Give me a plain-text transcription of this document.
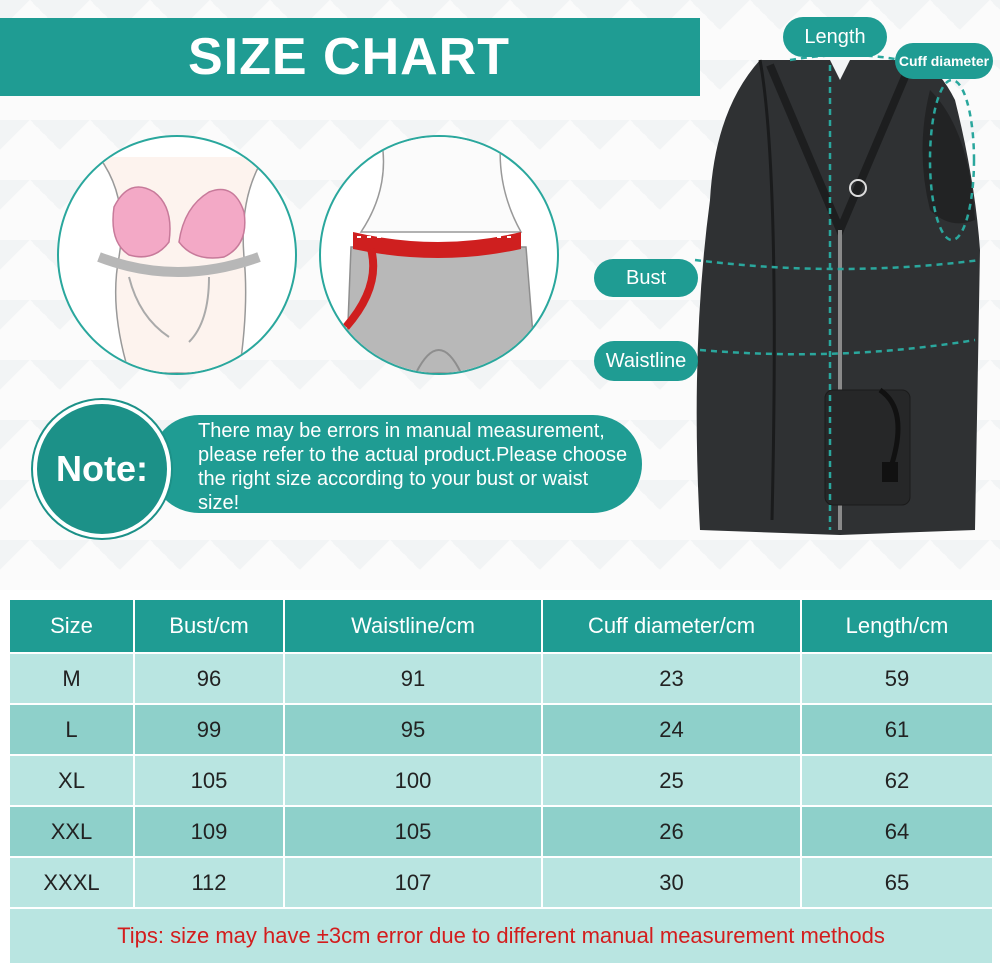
SIZE CHART
There may be errors in manual measurement, please refer to the actual product.Please choose the right size according to your bust or waist size!
Note:
Length
Cuff diameter
Bust
Waistline
Size	Bust/cm	Waistline/cm	Cuff diameter/cm	Length/cm
M	96	91	23	59
L	99	95	24	61
XL	105	100	25	62
XXL	109	105	26	64
XXXL	112	107	30	65
Tips: size may have ±3cm error due to different manual measurement methods				
